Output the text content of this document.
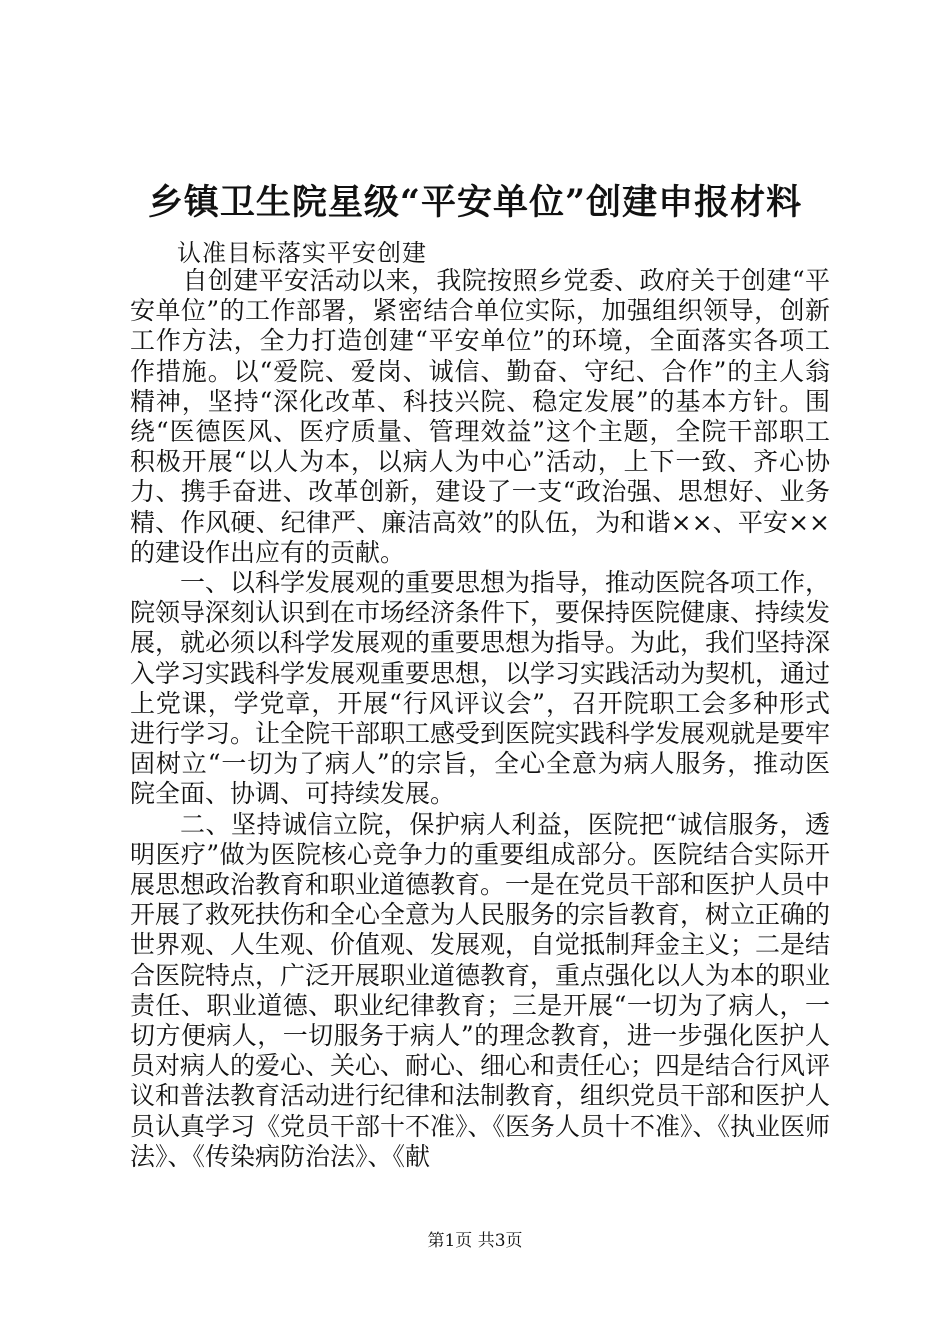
乡镇卫生院星级“平安单位”创建申报材料
认准目标落实平安创建

自创建平安活动以来，我院按照乡党委、政府关于创建“平安单位”的工作部署，紧密结合单位实际，加强组织领导，创新工作方法，全力打造创建“平安单位”的环境，全面落实各项工作措施。以“爱院、爱岗、诚信、勤奋、守纪、合作”的主人翁精神，坚持“深化改革、科技兴院、稳定发展”的基本方针。围绕“医德医风、医疗质量、管理效益”这个主题，全院干部职工积极开展“以人为本，以病人为中心”活动，上下一致、齐心协力、携手奋进、改革创新，建设了一支“政治强、思想好、业务精、作风硬、纪律严、廉洁高效”的队伍，为和谐××、平安××的建设作出应有的贡献。

一、以科学发展观的重要思想为指导，推动医院各项工作，院领导深刻认识到在市场经济条件下，要保持医院健康、持续发展，就必须以科学发展观的重要思想为指导。为此，我们坚持深入学习实践科学发展观重要思想，以学习实践活动为契机，通过上党课，学党章，开展“行风评议会”，召开院职工会多种形式进行学习。让全院干部职工感受到医院实践科学发展观就是要牢固树立“一切为了病人”的宗旨，全心全意为病人服务，推动医院全面、协调、可持续发展。

二、坚持诚信立院，保护病人利益，医院把“诚信服务，透明医疗”做为医院核心竞争力的重要组成部分。医院结合实际开展思想政治教育和职业道德教育。一是在党员干部和医护人员中开展了救死扶伤和全心全意为人民服务的宗旨教育，树立正确的世界观、人生观、价值观、发展观，自觉抵制拜金主义；二是结合医院特点，广泛开展职业道德教育，重点强化以人为本的职业责任、职业道德、职业纪律教育；三是开展“一切为了病人，一切方便病人，一切服务于病人”的理念教育，进一步强化医护人员对病人的爱心、关心、耐心、细心和责任心；四是结合行风评议和普法教育活动进行纪律和法制教育，组织党员干部和医护人员认真学习《党员干部十不准》、《医务人员十不准》、《执业医师法》、《传染病防治法》、《献

第1页 共3页
